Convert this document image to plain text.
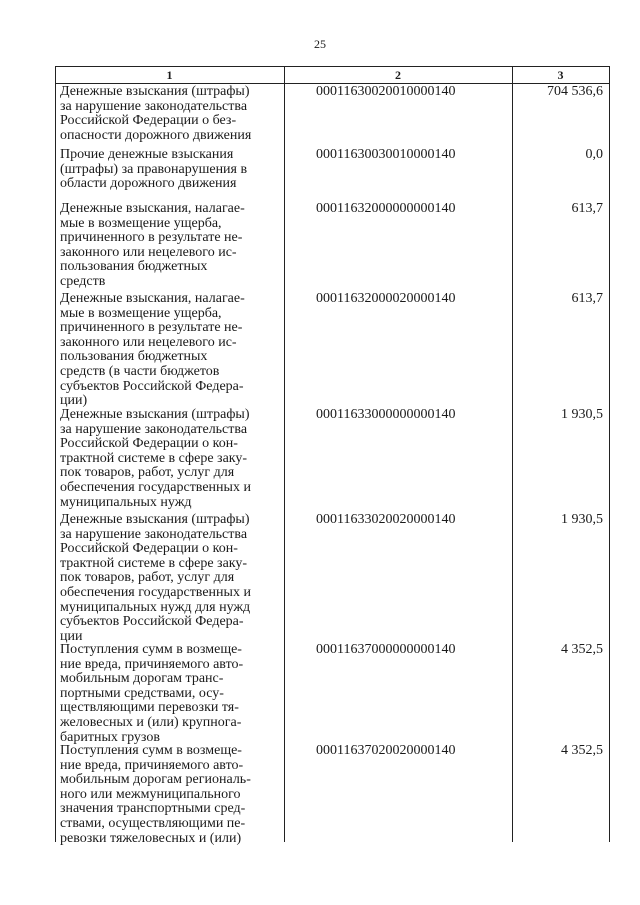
25
1	2	3
Денежные взыскания (штрафы)
за нарушение законодательства
Российской Федерации о без-
опасности дорожного движения
00011630020010000140	704 536,6
Прочие денежные взыскания
(штрафы) за правонарушения в
области дорожного движения
00011630030010000140	0,0
Денежные взыскания, налагае-
мые в возмещение ущерба,
причиненного в результате не-
законного или нецелевого ис-
пользования бюджетных
средств
00011632000000000140	613,7
Денежные взыскания, налагае-
мые в возмещение ущерба,
причиненного в результате не-
законного или нецелевого ис-
пользования бюджетных
средств (в части бюджетов
субъектов Российской Федера-
ции)
00011632000020000140	613,7
Денежные взыскания (штрафы)
за нарушение законодательства
Российской Федерации о кон-
трактной системе в сфере заку-
пок товаров, работ, услуг для
обеспечения государственных и
муниципальных нужд
00011633000000000140	1 930,5
Денежные взыскания (штрафы)
за нарушение законодательства
Российской Федерации о кон-
трактной системе в сфере заку-
пок товаров, работ, услуг для
обеспечения государственных и
муниципальных нужд для нужд
субъектов Российской Федера-
ции
00011633020020000140	1 930,5
Поступления сумм в возмеще-
ние вреда, причиняемого авто-
мобильным дорогам транс-
портными средствами, осу-
ществляющими перевозки тя-
желовесных и (или) крупнога-
баритных грузов
00011637000000000140	4 352,5
Поступления сумм в возмеще-
ние вреда, причиняемого авто-
мобильным дорогам региональ-
ного или межмуниципального
значения транспортными сред-
ствами, осуществляющими пе-
ревозки тяжеловесных и (или)
00011637020020000140	4 352,5
